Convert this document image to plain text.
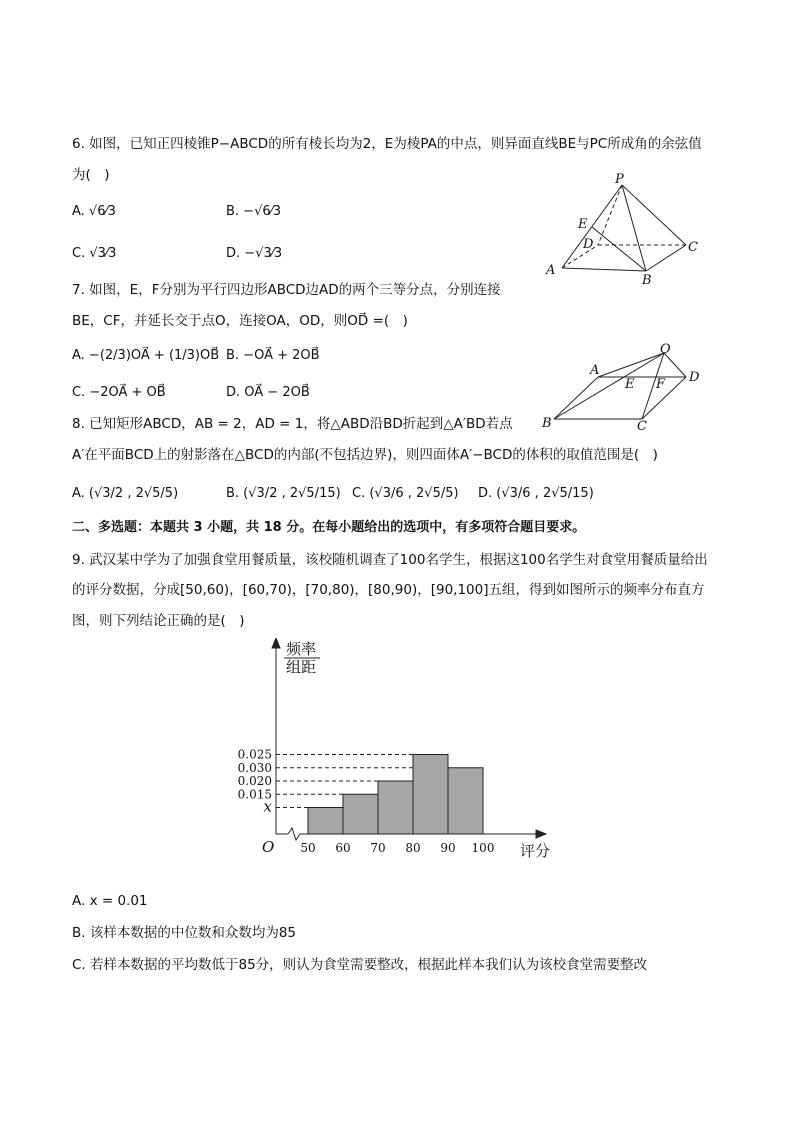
6. 如图，已知正四棱锥P−ABCD的所有棱长均为2，E为棱PA的中点，则异面直线BE与PC所成角的余弦值
为(　)
A. √6⁄3	B. −√6⁄3
C. √3⁄3	D. −√3⁄3
P
E
D	C
A
B
7. 如图，E，F分别为平行四边形ABCD边AD的两个三等分点，分别连接
BE，CF，并延长交于点O，连接OA，OD，则OD⃗ =(　)
A. −(2/3)OA⃗ + (1/3)OB⃗ B. −OA⃗ + 2OB⃗
C. −2OA⃗ + OB⃗	D. OA⃗ − 2OB⃗
O
A
E F D
B	C
8. 已知矩形ABCD，AB = 2，AD = 1，将△ABD沿BD折起到△A′BD若点
A′在平面BCD上的射影落在△BCD的内部(不包括边界)，则四面体A′−BCD的体积的取值范围是(　)
A. (√3/2 , 2√5/5)	B. (√3/2 , 2√5/15) C. (√3/6 , 2√5/5) D. (√3/6 , 2√5/15)
二、多选题：本题共 3 小题，共 18 分。在每小题给出的选项中，有多项符合题目要求。
9. 武汉某中学为了加强食堂用餐质量，该校随机调查了100名学生，根据这100名学生对食堂用餐质量给出
的评分数据，分成[50,60)，[60,70)，[70,80)，[80,90)，[90,100]五组，得到如图所示的频率分布直方
图，则下列结论正确的是(　)
频率
组距
O	评分
x
0.015
0.020
0.025
0.030
50 60 70 80 90 100
A. x = 0.01
B. 该样本数据的中位数和众数均为85
C. 若样本数据的平均数低于85分，则认为食堂需要整改，根据此样本我们认为该校食堂需要整改
